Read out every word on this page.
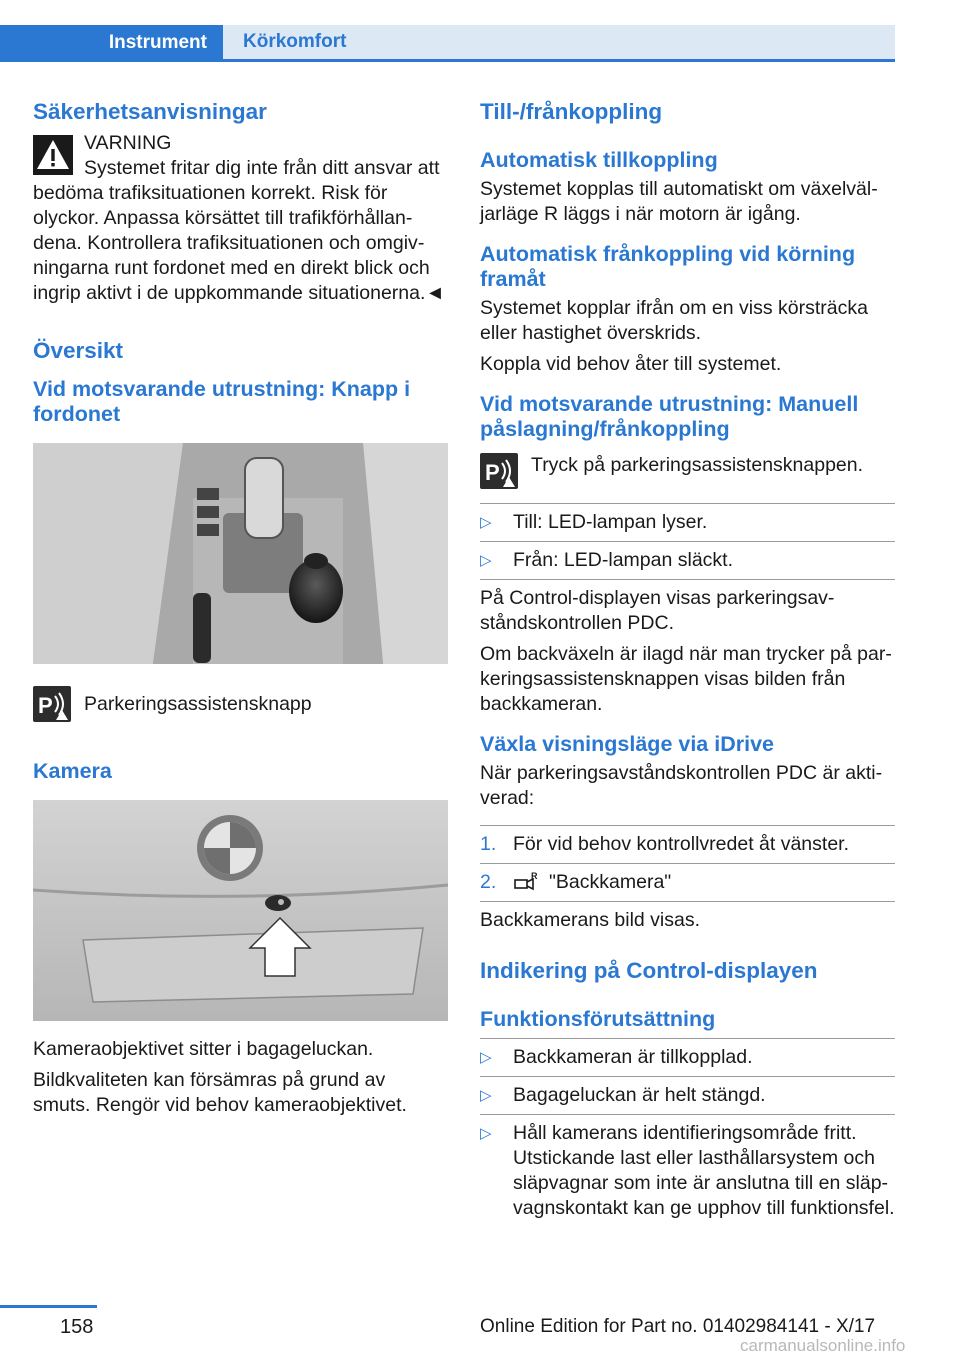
Instrument	Körkomfort
Säkerhetsanvisningar

VARNING

Systemet fritar dig inte från ditt ansvar att

bedöma trafiksituationen korrekt. Risk för olyckor. Anpassa körsättet till trafikförhållandena. Kontrollera trafiksituationen och omgivningarna runt fordonet med en direkt blick och ingrip aktivt i de uppkommande situationerna.◄

Översikt
Vid motsvarande utrustning: Knapp i fordonet
P Parkeringsassistensknapp

Kamera

Kameraobjektivet sitter i bagageluckan.

Bildkvaliteten kan försämras på grund av smuts. Rengör vid behov kameraobjektivet.

Till-/frånkoppling
Automatisk tillkoppling

Systemet kopplas till automatiskt om växelväljarläge R läggs i när motorn är igång.

Automatisk frånkoppling vid körning framåt

Systemet kopplar ifrån om en viss körsträcka eller hastighet överskrids.

Koppla vid behov åter till systemet.

Vid motsvarande utrustning: Manuell påslagning/frånkoppling
P Tryck på parkeringsassistensknappen.

▷	Till: LED-lampan lyser.

▷	Från: LED-lampan släckt.

På Control-displayen visas parkeringsavståndskontrollen PDC.

Om backväxeln är ilagd när man trycker på parkeringsassistensknappen visas bilden från backkameran.

Växla visningsläge via iDrive

När parkeringsavståndskontrollen PDC är aktiverad:

1. För vid behov kontrollvredet åt vänster.

2.	R "Backkamera"

Backkamerans bild visas.

Indikering på Control-displayen
Funktionsförutsättning
▷	Backkameran är tillkopplad.

▷	Bagageluckan är helt stängd.

▷	Håll kamerans identifieringsområde fritt. Utstickande last eller lasthållarsystem och släpvagnar som inte är anslutna till en släpvagnskontakt kan ge upphov till funktionsfel.

158	Online Edition for Part no. 01402984141 - X/17
carmanualsonline.info
